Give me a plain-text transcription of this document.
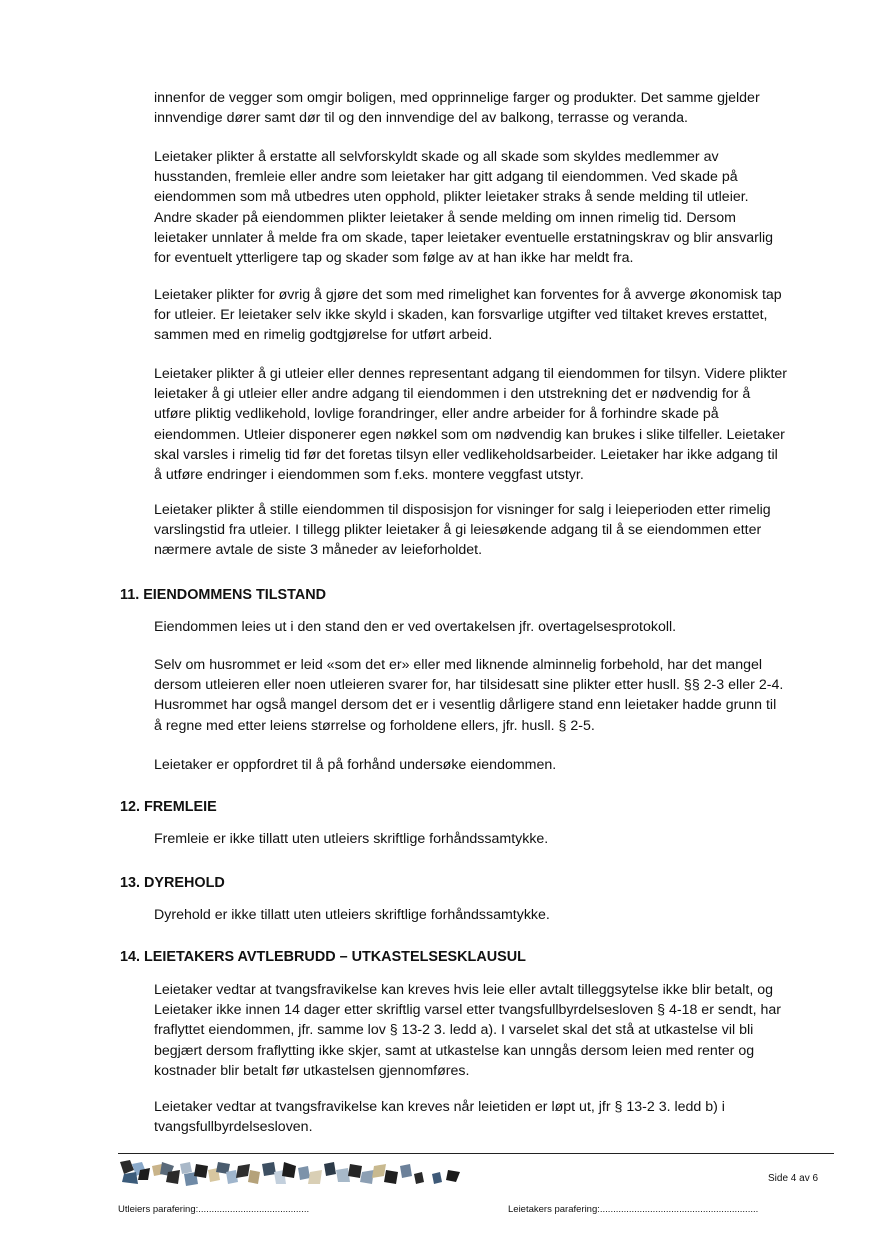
innenfor de vegger som omgir boligen, med opprinnelige farger og produkter. Det samme gjelder
innvendige dører samt dør til og den innvendige del av balkong, terrasse og veranda.

Leietaker plikter å erstatte all selvforskyldt skade og all skade som skyldes medlemmer av
husstanden, fremleie eller andre som leietaker har gitt adgang til eiendommen. Ved skade på
eiendommen som må utbedres uten opphold, plikter leietaker straks å sende melding til utleier.
Andre skader på eiendommen plikter leietaker å sende melding om innen rimelig tid. Dersom
leietaker unnlater å melde fra om skade, taper leietaker eventuelle erstatningskrav og blir ansvarlig
for eventuelt ytterligere tap og skader som følge av at han ikke har meldt fra.

Leietaker plikter for øvrig å gjøre det som med rimelighet kan forventes for å avverge økonomisk tap
for utleier. Er leietaker selv ikke skyld i skaden, kan forsvarlige utgifter ved tiltaket kreves erstattet,
sammen med en rimelig godtgjørelse for utført arbeid.

Leietaker plikter å gi utleier eller dennes representant adgang til eiendommen for tilsyn. Videre plikter
leietaker å gi utleier eller andre adgang til eiendommen i den utstrekning det er nødvendig for å
utføre pliktig vedlikehold, lovlige forandringer, eller andre arbeider for å forhindre skade på
eiendommen. Utleier disponerer egen nøkkel som om nødvendig kan brukes i slike tilfeller. Leietaker
skal varsles i rimelig tid før det foretas tilsyn eller vedlikeholdsarbeider. Leietaker har ikke adgang til
å utføre endringer i eiendommen som f.eks. montere veggfast utstyr.

Leietaker plikter å stille eiendommen til disposisjon for visninger for salg i leieperioden etter rimelig
varslingstid fra utleier. I tillegg plikter leietaker å gi leiesøkende adgang til å se eiendommen etter
nærmere avtale de siste 3 måneder av leieforholdet.

11. EIENDOMMENS TILSTAND

Eiendommen leies ut i den stand den er ved overtakelsen jfr. overtagelsesprotokoll.

Selv om husrommet er leid «som det er» eller med liknende alminnelig forbehold, har det mangel
dersom utleieren eller noen utleieren svarer for, har tilsidesatt sine plikter etter husll. §§ 2-3 eller 2-4.
Husrommet har også mangel dersom det er i vesentlig dårligere stand enn leietaker hadde grunn til
å regne med etter leiens størrelse og forholdene ellers, jfr. husll. § 2-5.

Leietaker er oppfordret til å på forhånd undersøke eiendommen.

12. FREMLEIE

Fremleie er ikke tillatt uten utleiers skriftlige forhåndssamtykke.

13. DYREHOLD

Dyrehold er ikke tillatt uten utleiers skriftlige forhåndssamtykke.

14. LEIETAKERS AVTLEBRUDD – UTKASTELSESKLAUSUL

Leietaker vedtar at tvangsfravikelse kan kreves hvis leie eller avtalt tilleggsytelse ikke blir betalt, og
Leietaker ikke innen 14 dager etter skriftlig varsel etter tvangsfullbyrdelsesloven § 4-18 er sendt, har
fraflyttet eiendommen, jfr. samme lov § 13-2 3. ledd a). I varselet skal det stå at utkastelse vil bli
begjært dersom fraflytting ikke skjer, samt at utkastelse kan unngås dersom leien med renter og
kostnader blir betalt før utkastelsen gjennomføres.

Leietaker vedtar at tvangsfravikelse kan kreves når leietiden er løpt ut, jfr § 13-2 3. ledd b) i
tvangsfullbyrdelsesloven.

Side 4 av 6
Utleiers parafering:..........................................	Leietakers parafering:............................................................
